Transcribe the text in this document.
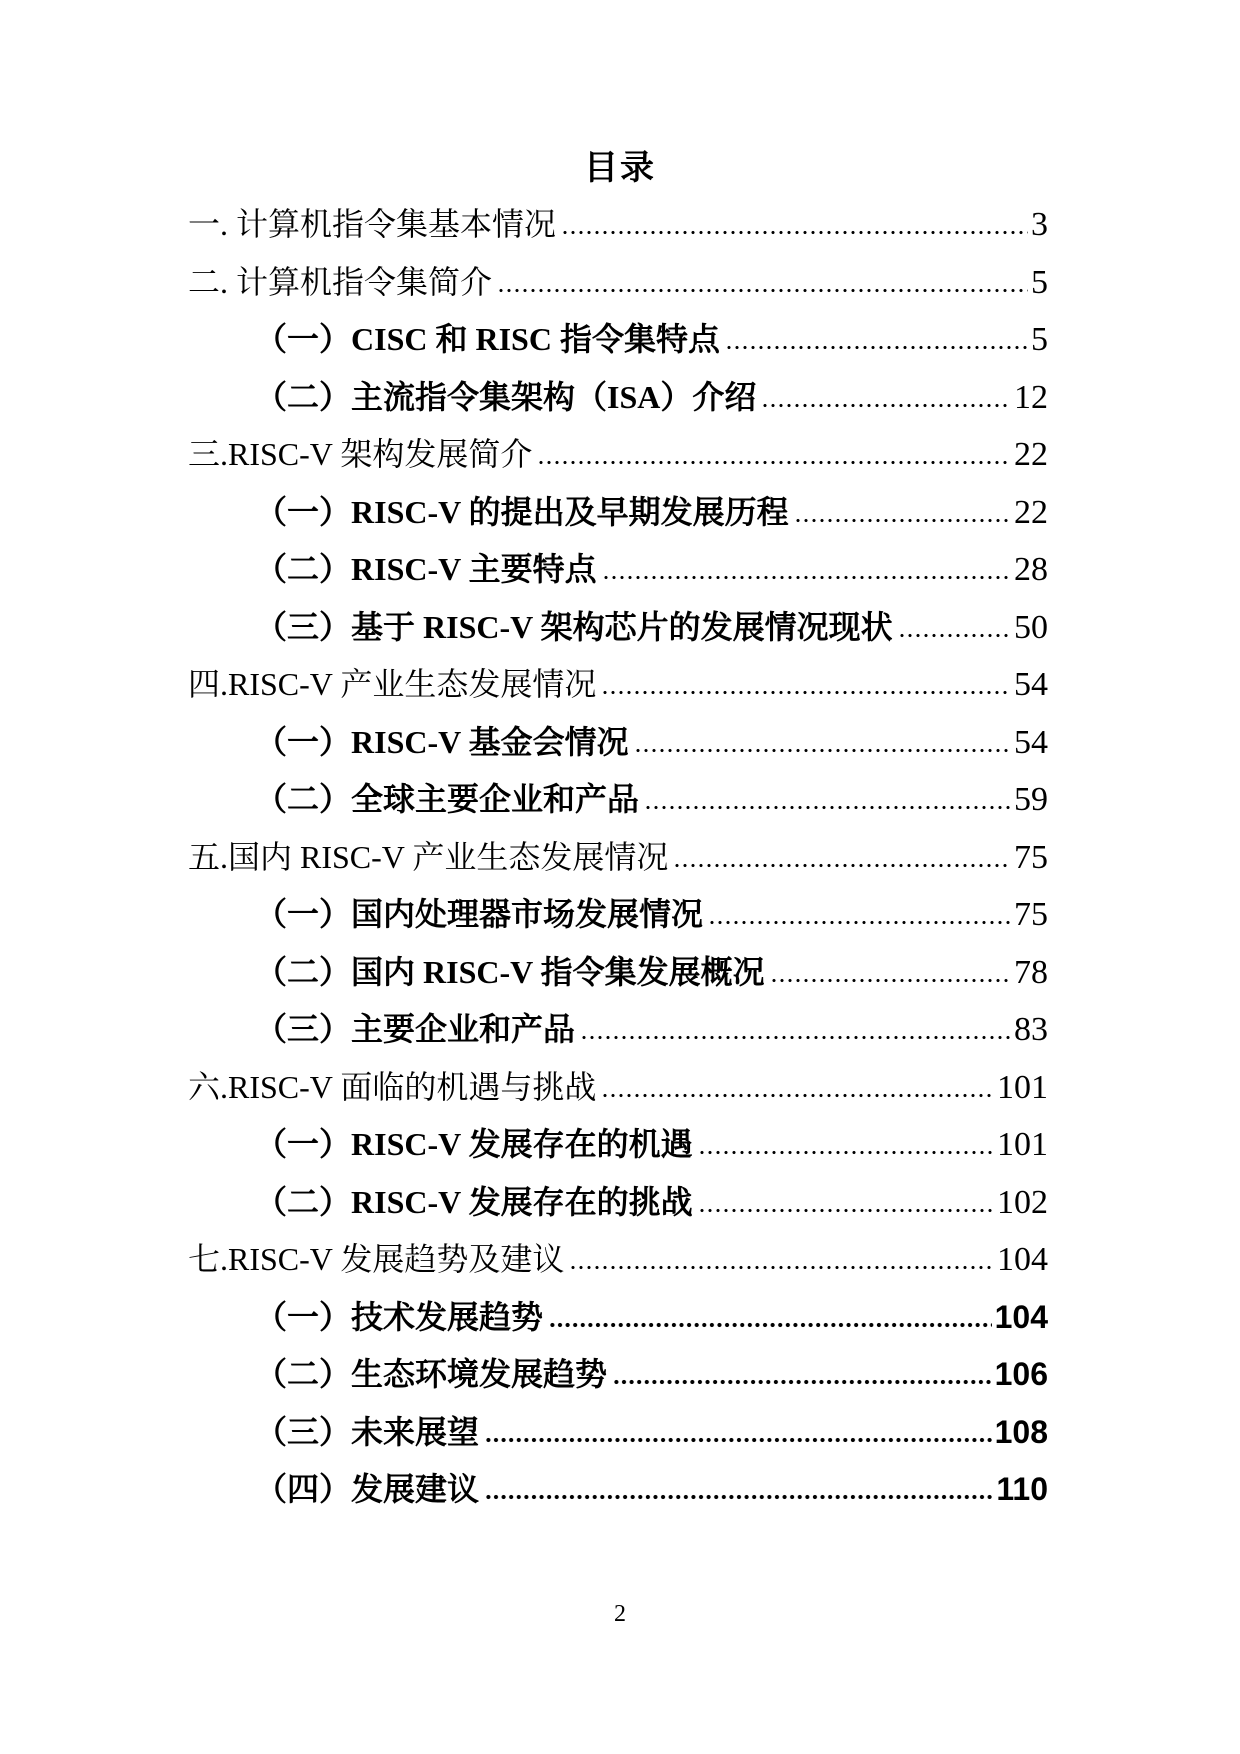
目录
一. 计算机指令集基本情况	3
二. 计算机指令集简介	5
（一）CISC 和 RISC 指令集特点	5
（二）主流指令集架构（ISA）介绍	12
三.RISC-V 架构发展简介	22
（一）RISC-V 的提出及早期发展历程	22
（二）RISC-V 主要特点	28
（三）基于 RISC-V 架构芯片的发展情况现状	50
四.RISC-V 产业生态发展情况	54
（一）RISC-V 基金会情况	54
（二）全球主要企业和产品	59
五.国内 RISC-V 产业生态发展情况	75
（一）国内处理器市场发展情况	75
（二）国内 RISC-V 指令集发展概况	78
（三）主要企业和产品	83
六.RISC-V 面临的机遇与挑战	101
（一）RISC-V 发展存在的机遇	101
（二）RISC-V 发展存在的挑战	102
七.RISC-V 发展趋势及建议	104
（一）技术发展趋势	104
（二）生态环境发展趋势	106
（三）未来展望	108
（四）发展建议	110
2
